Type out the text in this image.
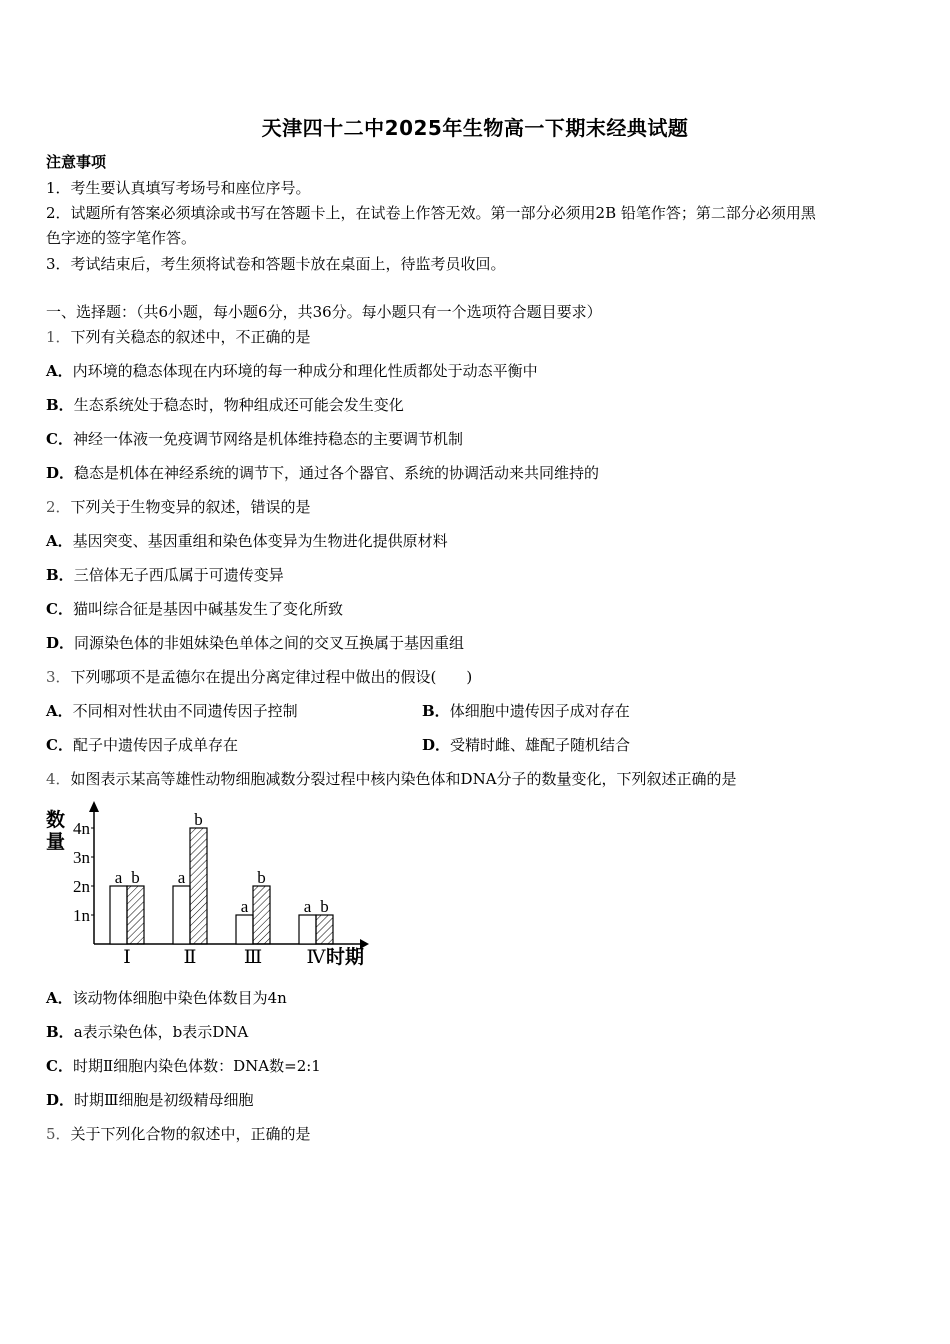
天津四十二中2025年生物高一下期末经典试题
注意事项
1．考生要认真填写考场号和座位序号。
2．试题所有答案必须填涂或书写在答题卡上，在试卷上作答无效。第一部分必须用2B 铅笔作答；第二部分必须用黑
色字迹的签字笔作答。
3．考试结束后，考生须将试卷和答题卡放在桌面上，待监考员收回。
一、选择题：（共6小题，每小题6分，共36分。每小题只有一个选项符合题目要求）
1．下列有关稳态的叙述中，不正确的是
A．内环境的稳态体现在内环境的每一种成分和理化性质都处于动态平衡中
B．生态系统处于稳态时，物种组成还可能会发生变化
C．神经一体液一免疫调节网络是机体维持稳态的主要调节机制
D．稳态是机体在神经系统的调节下，通过各个器官、系统的协调活动来共同维持的
2．下列关于生物变异的叙述，错误的是
A．基因突变、基因重组和染色体变异为生物进化提供原材料
B．三倍体无子西瓜属于可遗传变异
C．猫叫综合征是基因中碱基发生了变化所致
D．同源染色体的非姐妹染色单体之间的交叉互换属于基因重组
3．下列哪项不是孟德尔在提出分离定律过程中做出的假设(　　)
A．不同相对性状由不同遗传因子控制	B．体细胞中遗传因子成对存在
C．配子中遗传因子成单存在	D．受精时雌、雄配子随机结合
4．如图表示某高等雄性动物细胞减数分裂过程中核内染色体和DNA分子的数量变化，下列叙述正确的是
数
量
1n
2n
3n
4n
a b
Ⅰ
a
b
Ⅱ
a
b
Ⅲ
a b
Ⅳ 时期
A．该动物体细胞中染色体数目为4n
B．a表示染色体，b表示DNA
C．时期Ⅱ细胞内染色体数：DNA数=2:1
D．时期Ⅲ细胞是初级精母细胞
5．关于下列化合物的叙述中，正确的是
